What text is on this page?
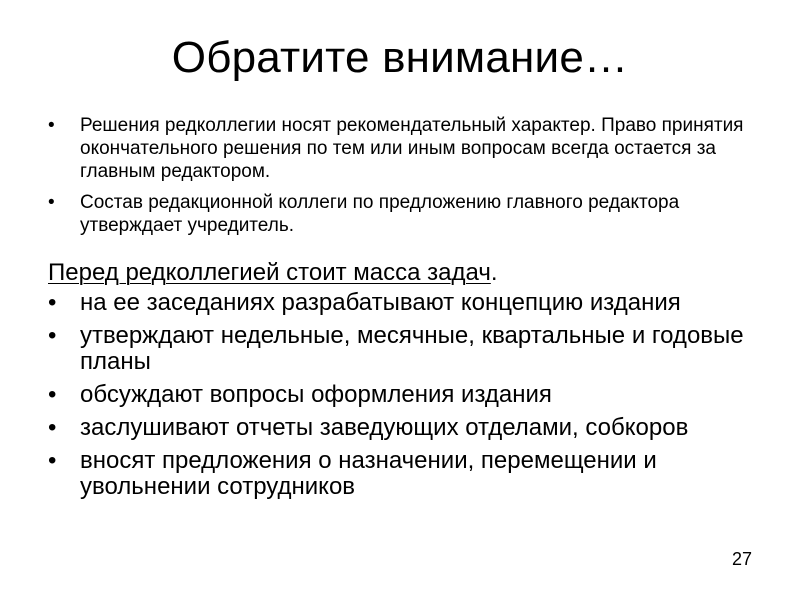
Обратите внимание…
• Решения редколлегии носят рекомендательный характер. Право принятия окончательного решения по тем или иным вопросам всегда остается за главным редактором.
• Состав редакционной коллеги по предложению главного редактора утверждает учредитель.
Перед редколлегией стоит масса задач.
• на ее заседаниях разрабатывают концепцию издания
• утверждают недельные, месячные, квартальные и годовые планы
• обсуждают вопросы оформления издания
• заслушивают отчеты заведующих отделами, собкоров
• вносят предложения о назначении, перемещении и увольнении сотрудников
27
